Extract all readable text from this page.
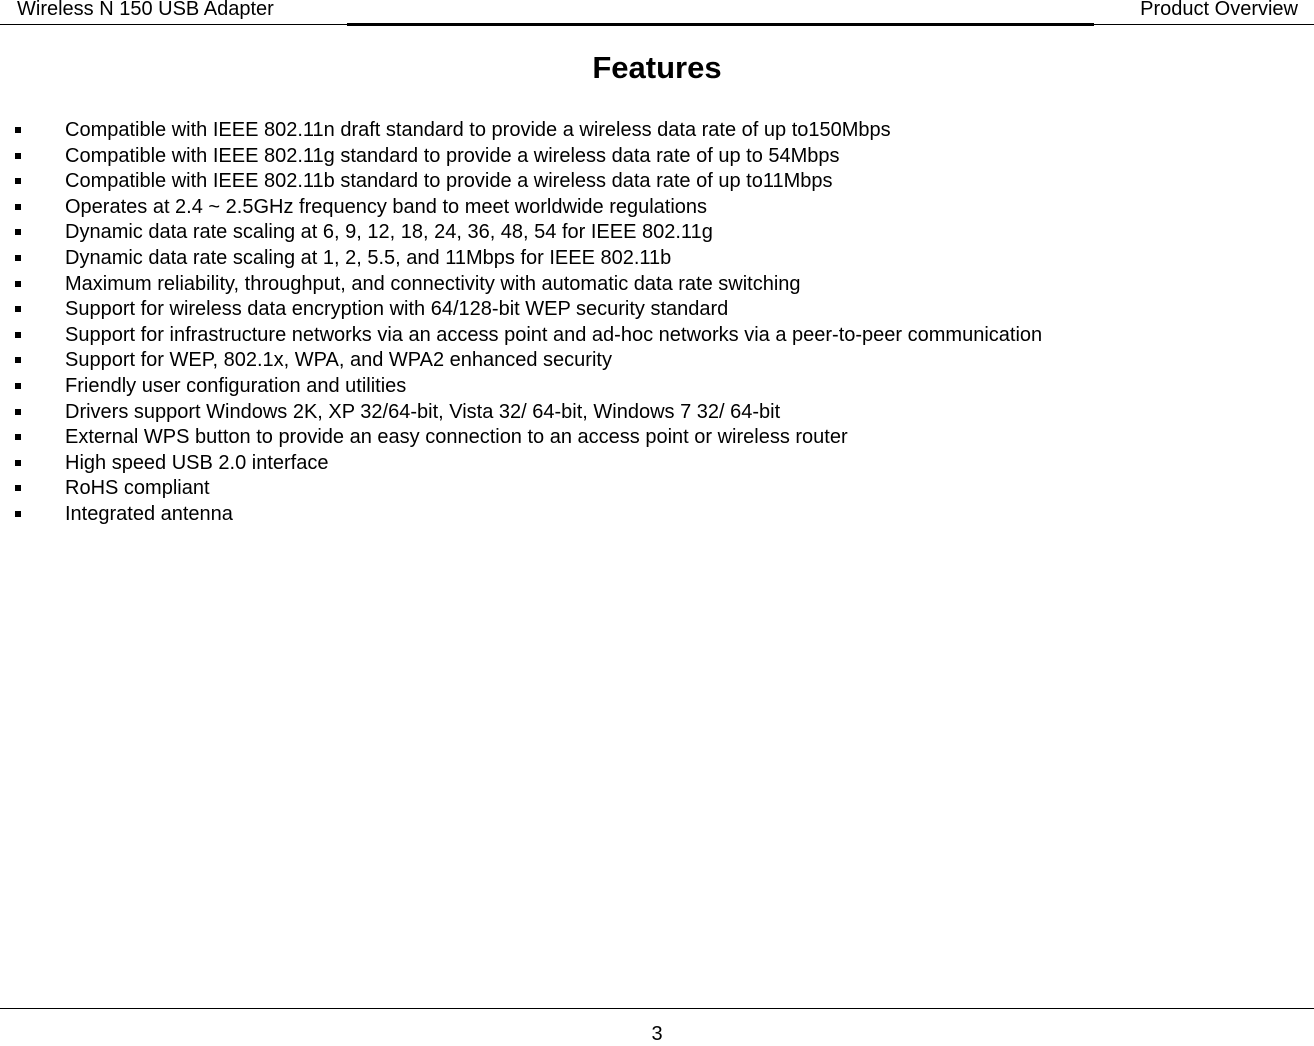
Wireless N 150 USB Adapter	Product Overview
Features
Compatible with IEEE 802.11n draft standard to provide a wireless data rate of up to150Mbps
Compatible with IEEE 802.11g standard to provide a wireless data rate of up to 54Mbps
Compatible with IEEE 802.11b standard to provide a wireless data rate of up to11Mbps
Operates at 2.4 ~ 2.5GHz frequency band to meet worldwide regulations
Dynamic data rate scaling at 6, 9, 12, 18, 24, 36, 48, 54 for IEEE 802.11g
Dynamic data rate scaling at 1, 2, 5.5, and 11Mbps for IEEE 802.11b
Maximum reliability, throughput, and connectivity with automatic data rate switching
Support for wireless data encryption with 64/128-bit WEP security standard
Support for infrastructure networks via an access point and ad-hoc networks via a peer-to-peer communication
Support for WEP, 802.1x, WPA, and WPA2 enhanced security
Friendly user configuration and utilities
Drivers support Windows 2K, XP 32/64-bit, Vista 32/ 64-bit, Windows 7 32/ 64-bit
External WPS button to provide an easy connection to an access point or wireless router
High speed USB 2.0 interface
RoHS compliant
Integrated antenna
3
